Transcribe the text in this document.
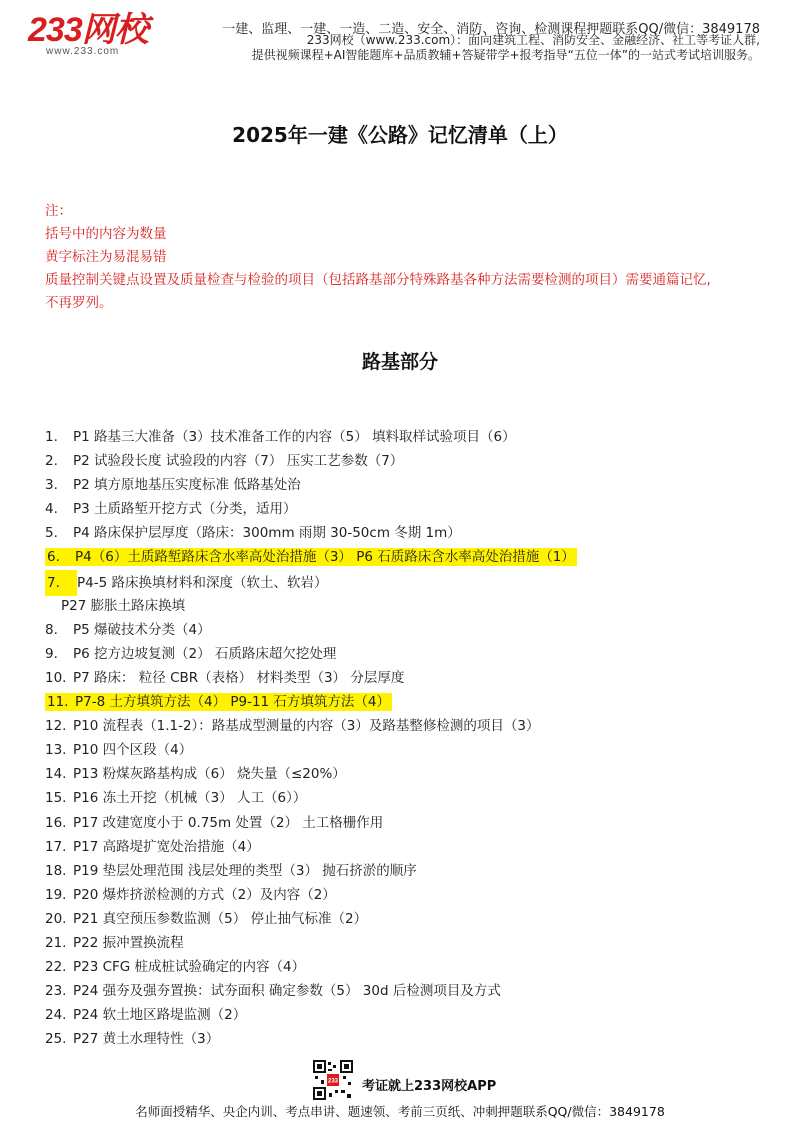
233网校
www.233.com
一建、监理、一建、一造、二造、安全、消防、咨询、检测课程押题联系QQ/微信：3849178
233网校（www.233.com）：面向建筑工程、消防安全、金融经济、社工等考证人群,
提供视频课程+AI智能题库+品质教辅+答疑带学+报考指导“五位一体”的一站式考试培训服务。
2025年一建《公路》记忆清单（上）
注：
括号中的内容为数量
黄字标注为易混易错
质量控制关键点设置及质量检查与检验的项目（包括路基部分特殊路基各种方法需要检测的项目）需要通篇记忆,
不再罗列。
路基部分
1. P1 路基三大准备（3）技术准备工作的内容（5） 填料取样试验项目（6）
2. P2 试验段长度 试验段的内容（7） 压实工艺参数（7）
3. P2 填方原地基压实度标准 低路基处治
4. P3 土质路堑开挖方式（分类，适用）
5. P4 路床保护层厚度（路床：300mm 雨期 30-50cm 冬期 1m）
6. P4（6）土质路堑路床含水率高处治措施（3） P6 石质路床含水率高处治措施（1）
7. P4-5 路床换填材料和深度（软土、软岩）
P27 膨胀土路床换填
8. P5 爆破技术分类（4）
9. P6 挖方边坡复测（2） 石质路床超欠挖处理
10. P7 路床： 粒径 CBR（表格） 材料类型（3） 分层厚度
11. P7-8 土方填筑方法（4） P9-11 石方填筑方法（4）
12. P10 流程表（1.1-2）：路基成型测量的内容（3）及路基整修检测的项目（3）
13. P10 四个区段（4）
14. P13 粉煤灰路基构成（6） 烧失量（≤20%）
15. P16 冻土开挖（机械（3） 人工（6））
16. P17 改建宽度小于 0.75m 处置（2） 土工格栅作用
17. P17 高路堤扩宽处治措施（4）
18. P19 垫层处理范围 浅层处理的类型（3） 抛石挤淤的顺序
19. P20 爆炸挤淤检测的方式（2）及内容（2）
20. P21 真空预压参数监测（5） 停止抽气标准（2）
21. P22 振冲置换流程
22. P23 CFG 桩成桩试验确定的内容（4）
23. P24 强夯及强夯置换：试夯面积 确定参数（5） 30d 后检测项目及方式
24. P24 软土地区路堤监测（2）
25. P27 黄土水理特性（3）
233 考证就上233网校APP
名师面授精华、央企内训、考点串讲、题速领、考前三页纸、冲刺押题联系QQ/微信：3849178
